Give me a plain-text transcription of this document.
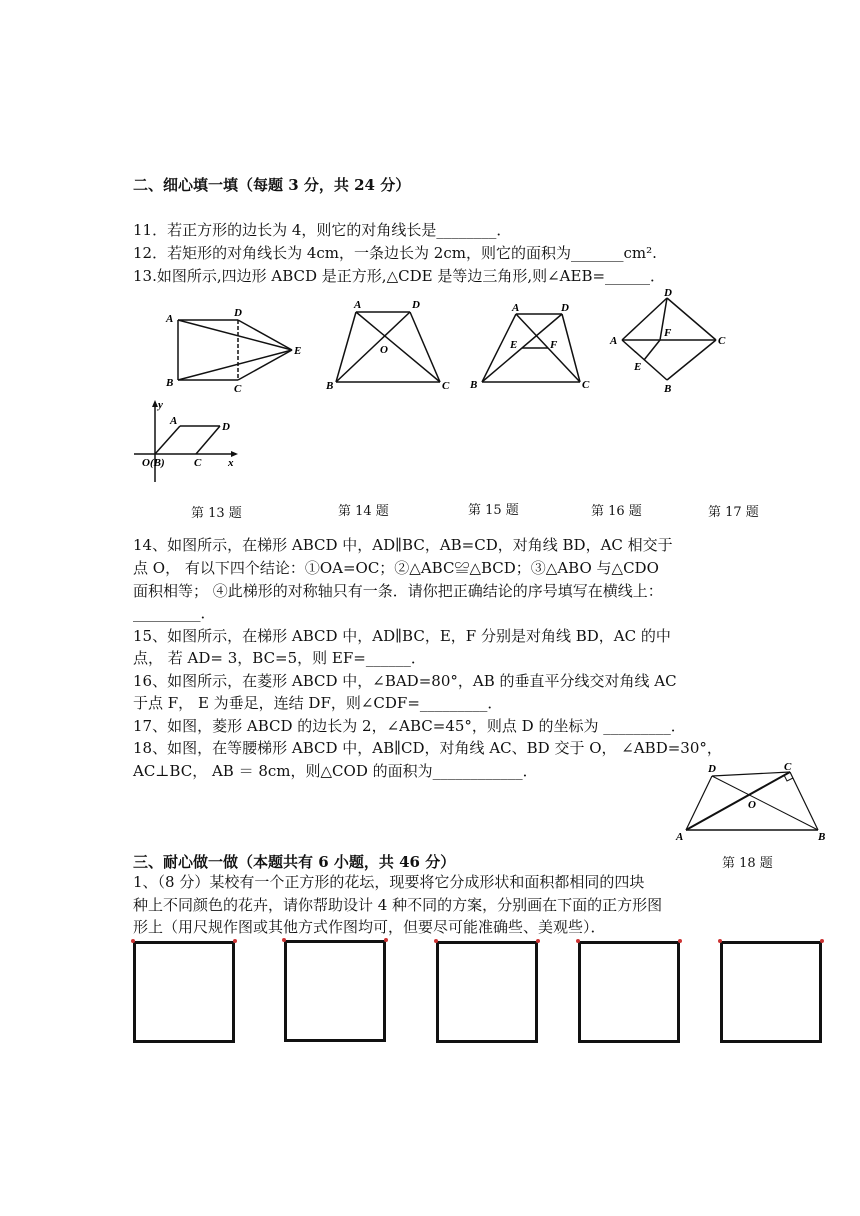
二、细心填一填（每题 3 分，共 24 分）
11．若正方形的边长为 4，则它的对角线长是________．
12．若矩形的对角线长为 4cm，一条边长为 2cm，则它的面积为_______cm².
13.如图所示,四边形 ABCD 是正方形,△CDE 是等边三角形,则∠AEB=______．
A
B
D
C
E
A	D
B	C
O
A	D
B	C
E	F
D
A	C
B
E
F
y
x
A	D
O(B)	C
第 13 题	第 14 题	第 15 题	第 16 题	第 17 题
14、如图所示，在梯形 ABCD 中，AD∥BC，AB=CD，对角线 BD，AC 相交于
点 O， 有以下四个结论：①OA=OC；②△ABC≌△BCD；③△ABO 与△CDO
面积相等； ④此梯形的对称轴只有一条．请你把正确结论的序号填写在横线上：
_________．
15、如图所示，在梯形 ABCD 中，AD∥BC，E，F 分别是对角线 BD，AC 的中
点， 若 AD= 3，BC=5，则 EF=______．
16、如图所示，在菱形 ABCD 中，∠BAD=80°，AB 的垂直平分线交对角线 AC
于点 F， E 为垂足，连结 DF，则∠CDF=_________．
17、如图，菱形 ABCD 的边长为 2，∠ABC=45°，则点 D 的坐标为 _________．
18、如图，在等腰梯形 ABCD 中，AB∥CD，对角线 AC、BD 交于 O， ∠ABD=30°，
AC⊥BC， AB ＝ 8cm，则△COD 的面积为____________．	D	C
A	B
O
三、耐心做一做（本题共有 6 小题，共 46 分）	第 18 题
1、（8 分）某校有一个正方形的花坛，现要将它分成形状和面积都相同的四块
种上不同颜色的花卉，请你帮助设计 4 种不同的方案，分别画在下面的正方形图
形上（用尺规作图或其他方式作图均可，但要尽可能准确些、美观些）．
